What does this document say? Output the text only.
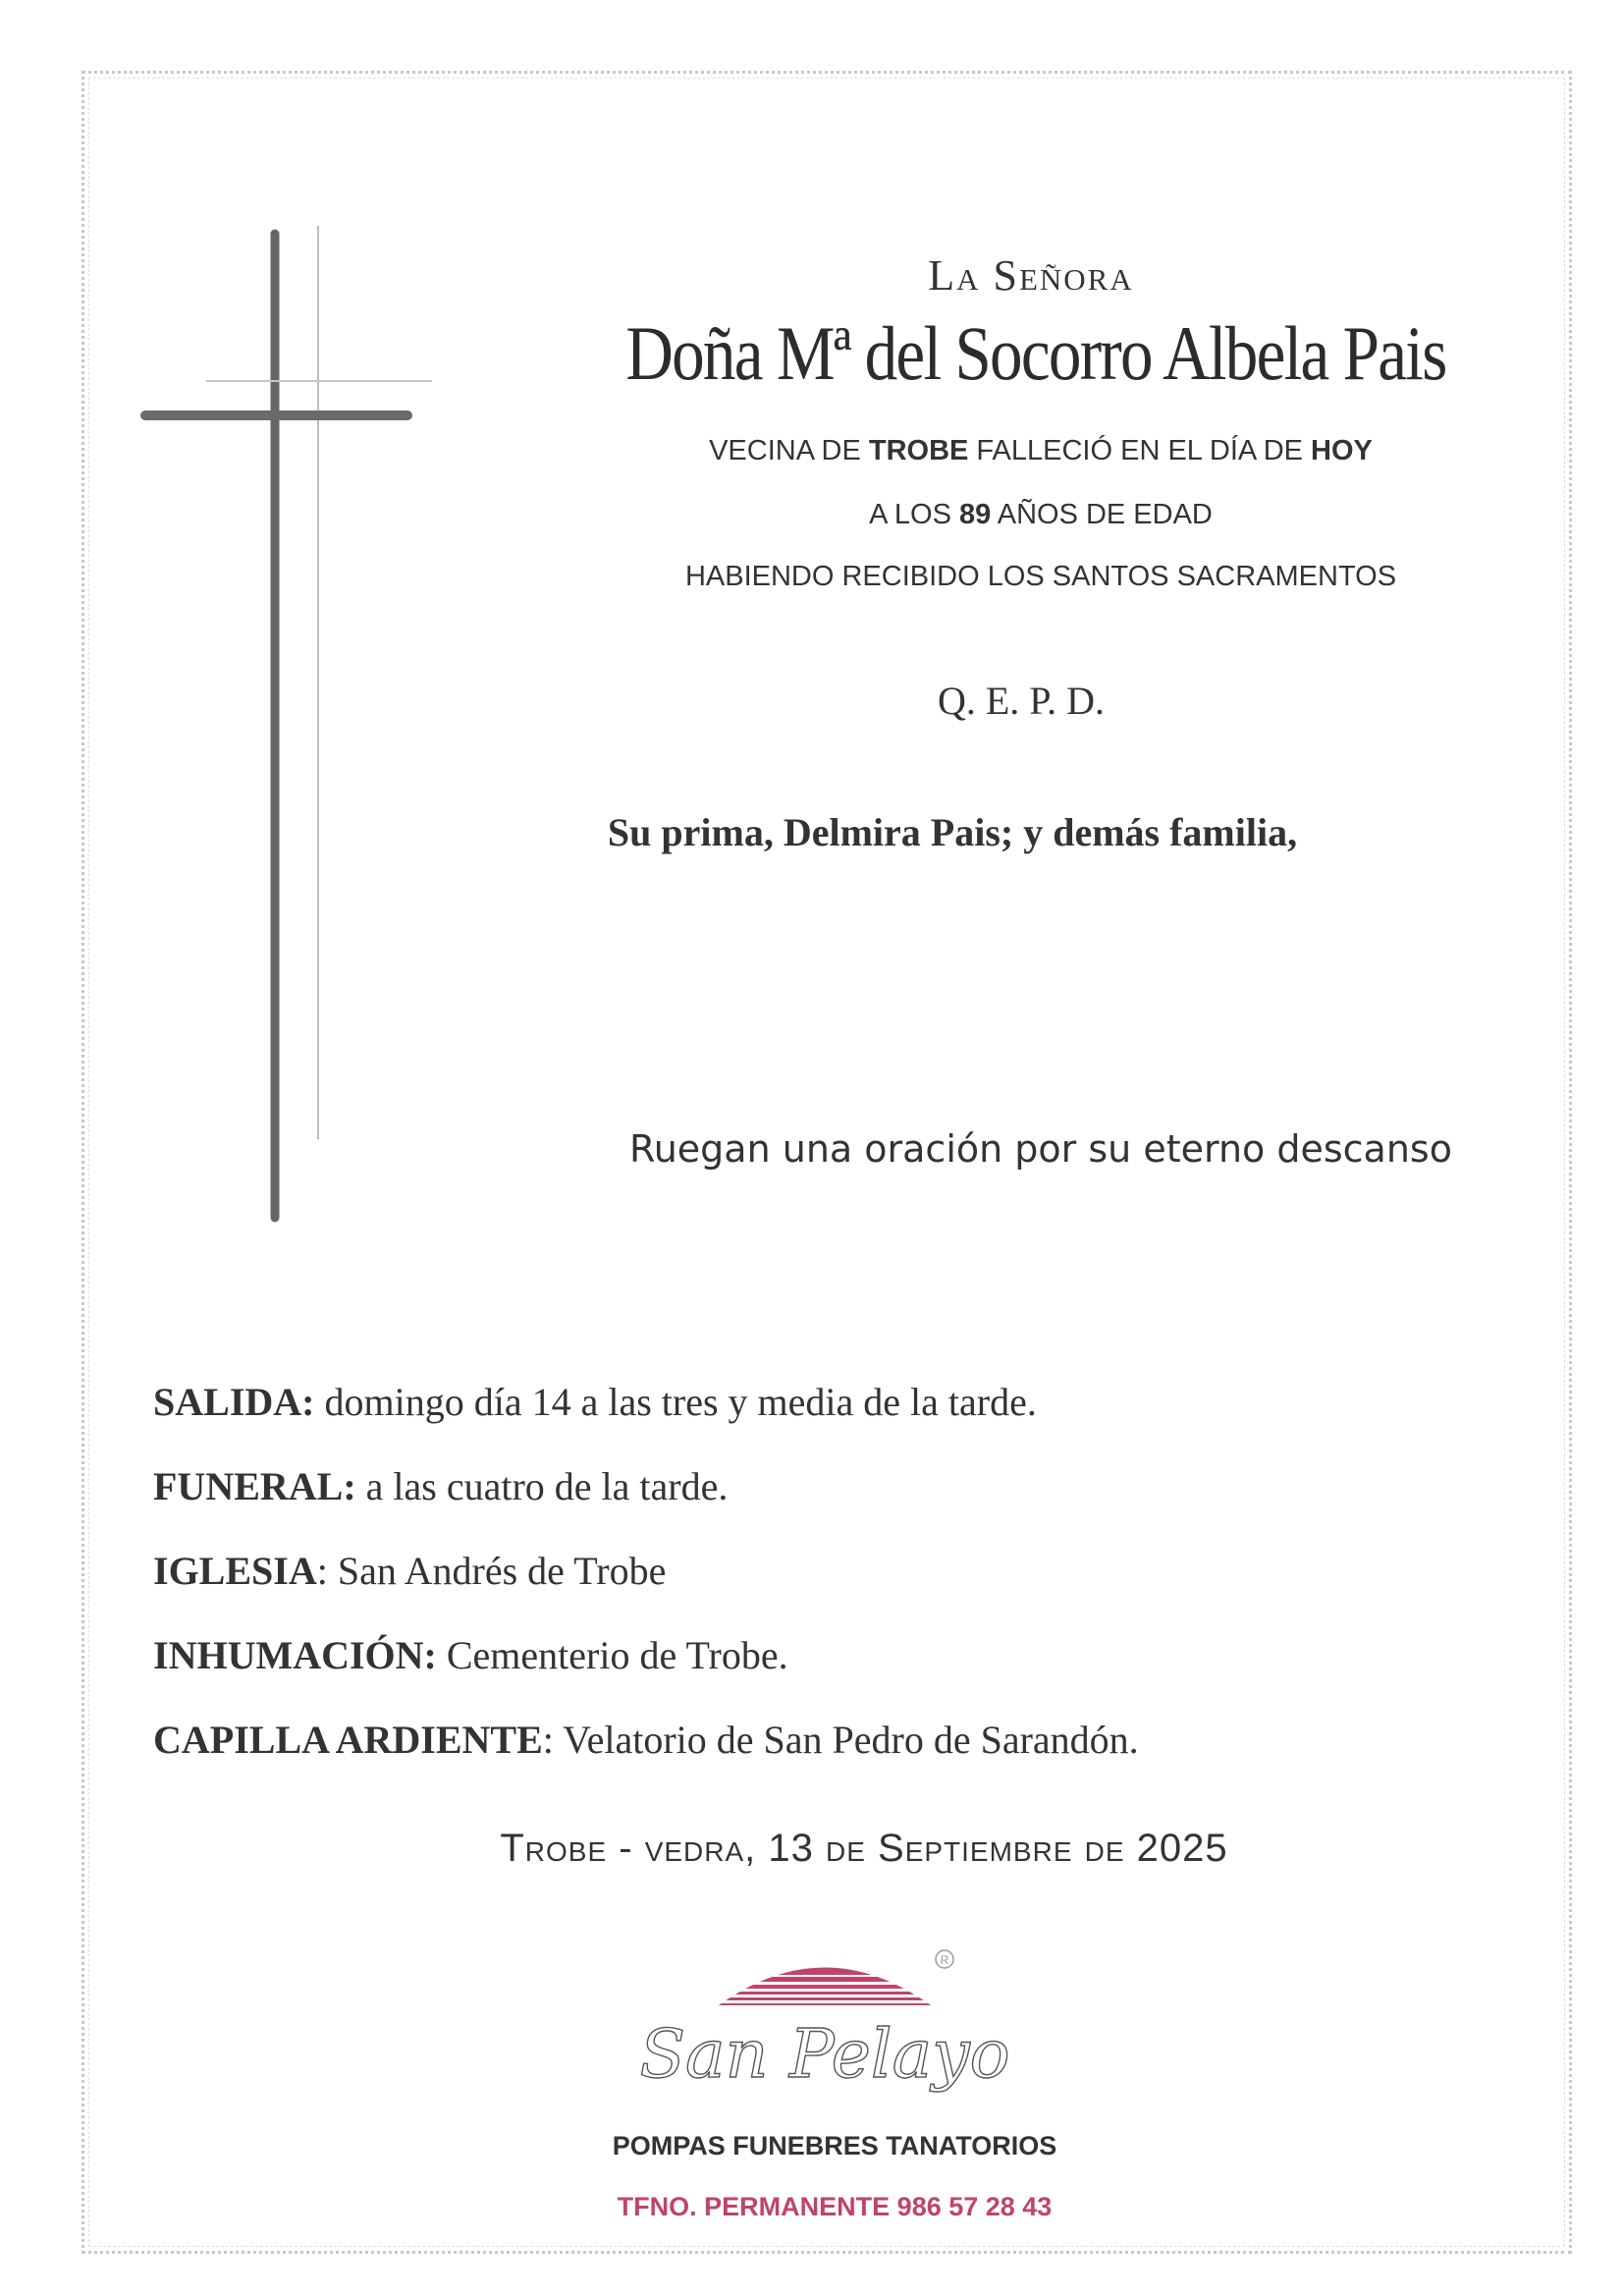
La Señora
Doña Mª del Socorro Albela Pais
VECINA DE TROBE FALLECIÓ EN EL DÍA DE HOY
A LOS 89 AÑOS DE EDAD
HABIENDO RECIBIDO LOS SANTOS SACRAMENTOS
Q. E. P. D.
Su prima, Delmira Pais; y demás familia,
Ruegan una oración por su eterno descanso
SALIDA: domingo día 14 a las tres y media de la tarde.
FUNERAL: a las cuatro de la tarde.
IGLESIA: San Andrés de Trobe
INHUMACIÓN: Cementerio de Trobe.
CAPILLA ARDIENTE: Velatorio de San Pedro de Sarandón.
Trobe - vedra, 13 de Septiembre de 2025
R
San Pelayo
POMPAS FUNEBRES TANATORIOS
TFNO. PERMANENTE 986 57 28 43
